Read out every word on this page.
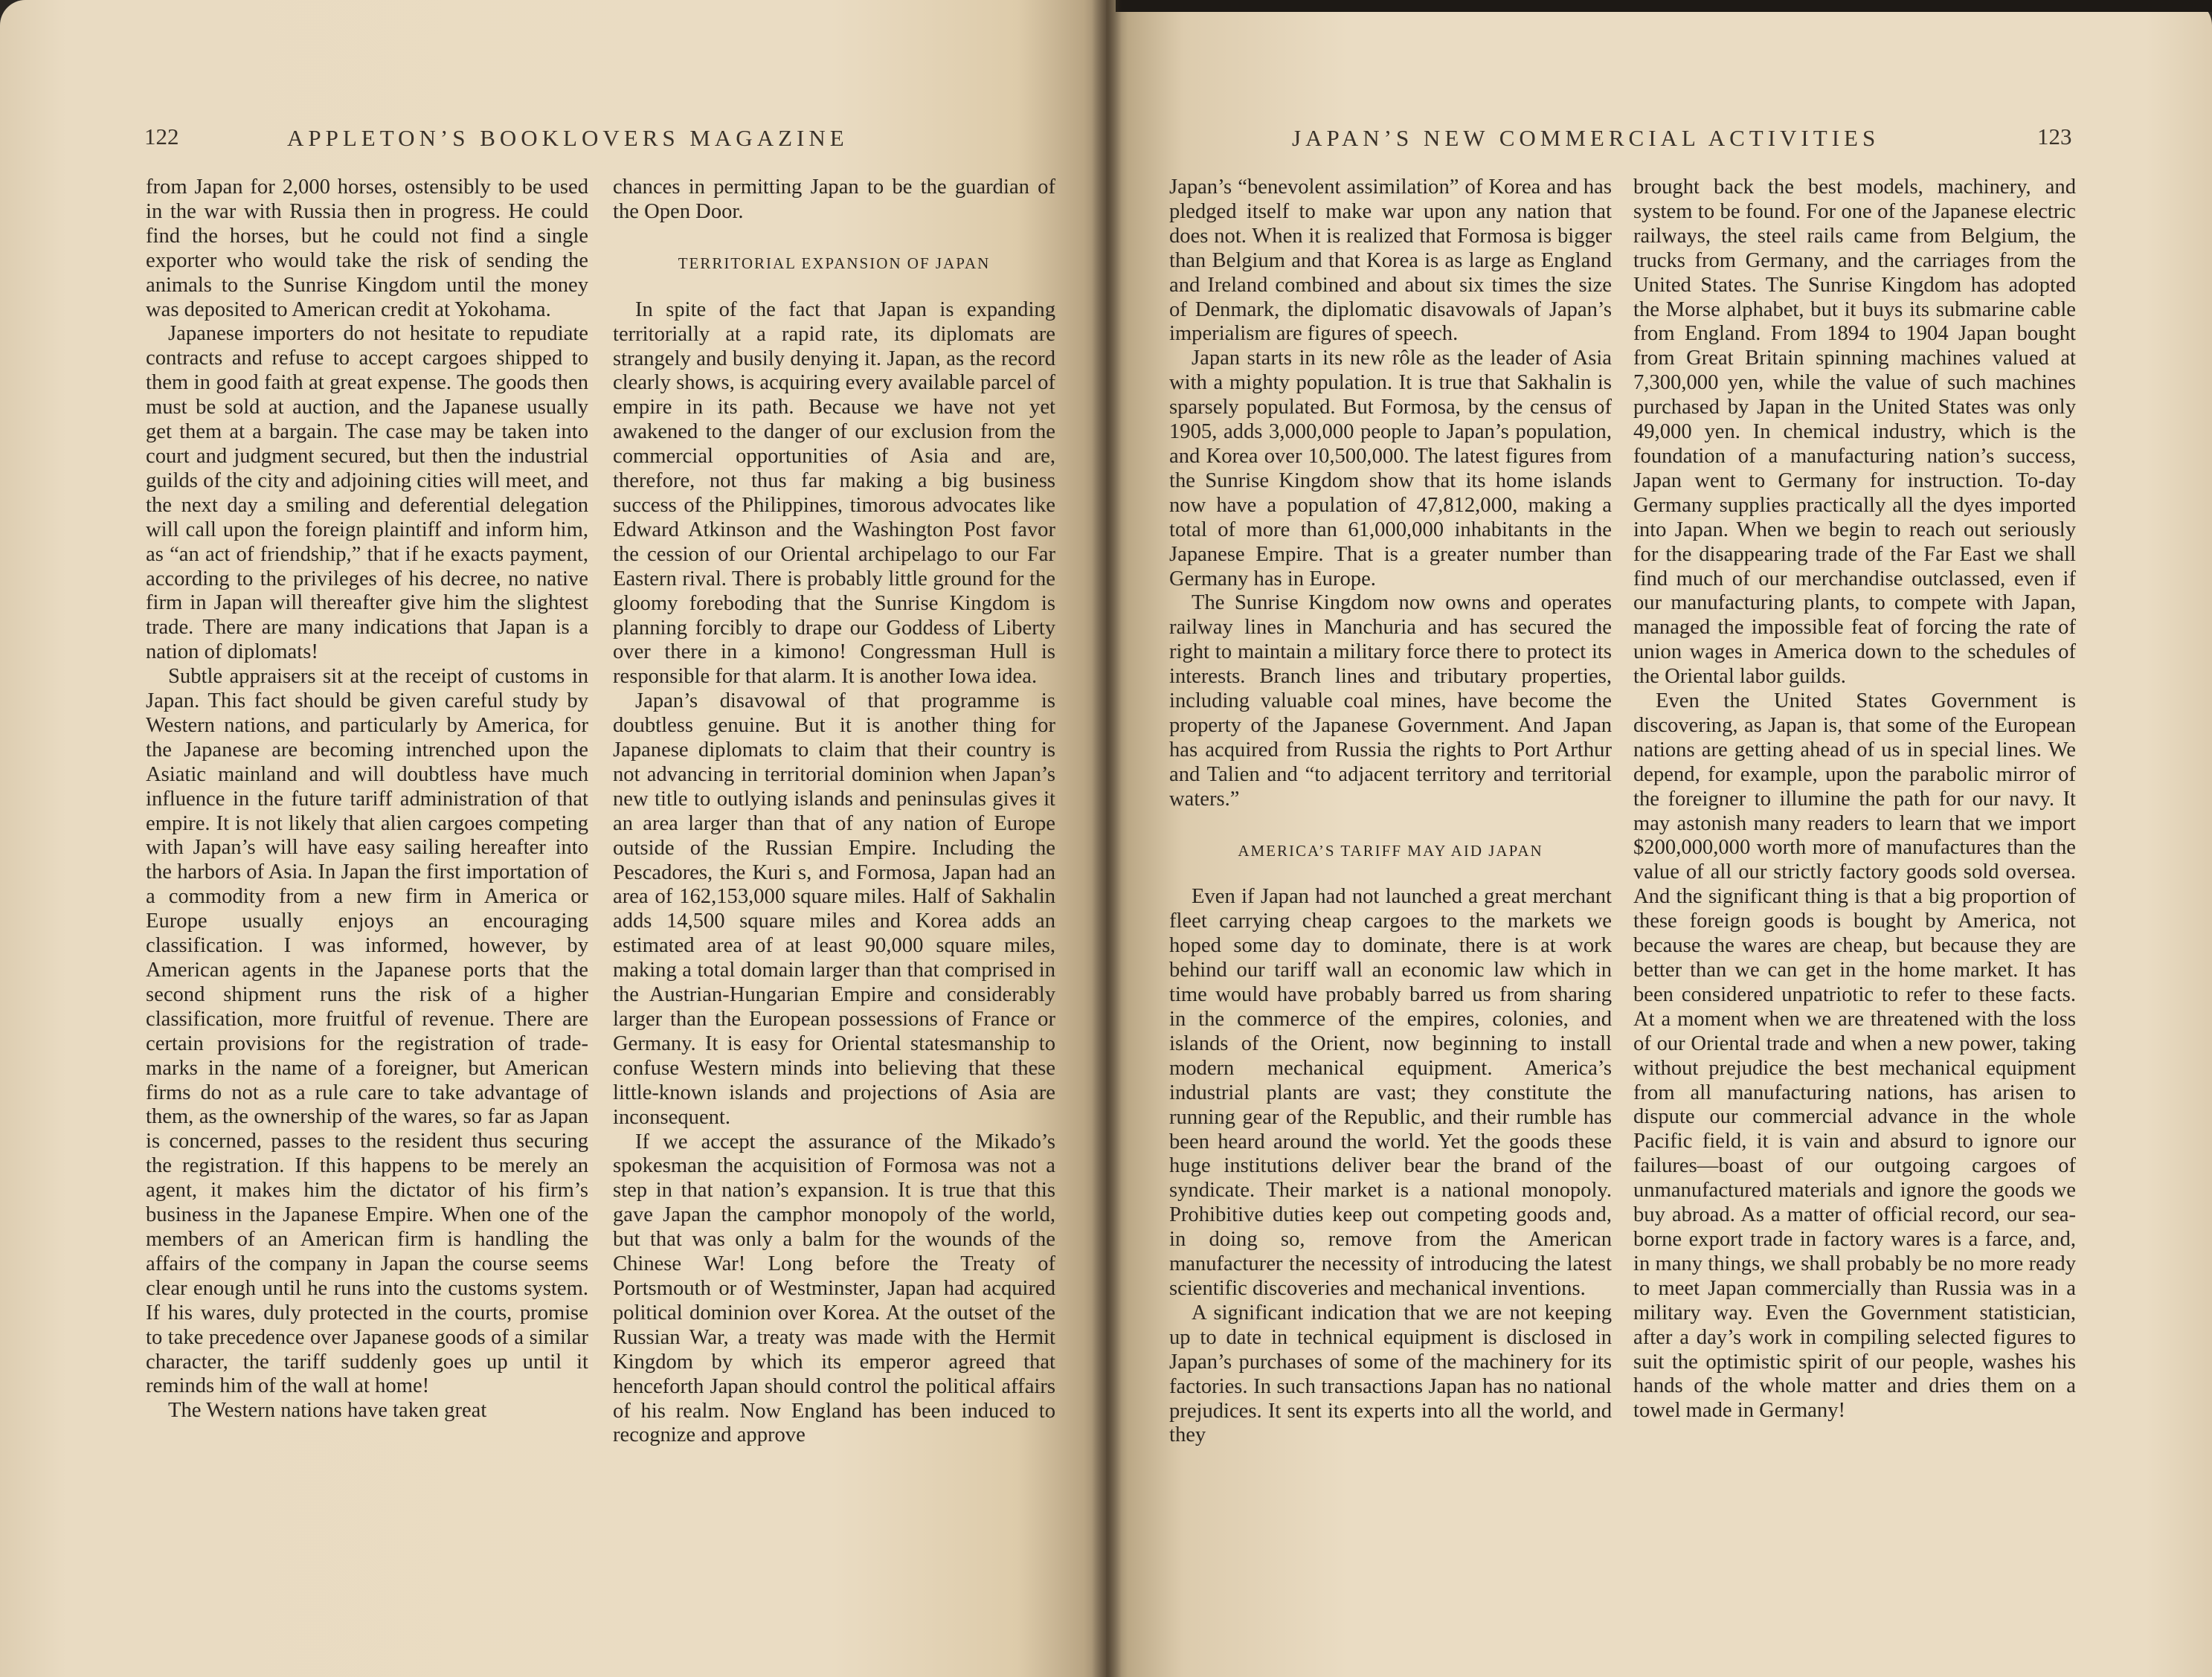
122	APPLETON’S BOOKLOVERS MAGAZINE

from Japan for 2,000 horses, ostensibly to be used in the war with Russia then in progress. He could find the horses, but he could not find a single exporter who would take the risk of sending the animals to the Sunrise Kingdom until the money was deposited to American credit at Yokohama.

Japanese importers do not hesitate to repudiate contracts and refuse to accept cargoes shipped to them in good faith at great expense. The goods then must be sold at auction, and the Japanese usually get them at a bargain. The case may be taken into court and judgment secured, but then the industrial guilds of the city and adjoining cities will meet, and the next day a smiling and deferential delegation will call upon the foreign plaintiff and inform him, as “an act of friendship,” that if he exacts payment, according to the privileges of his decree, no native firm in Japan will thereafter give him the slightest trade. There are many indications that Japan is a nation of diplomats!

Subtle appraisers sit at the receipt of customs in Japan. This fact should be given careful study by Western nations, and particularly by America, for the Japanese are becoming intrenched upon the Asiatic mainland and will doubtless have much influence in the future tariff administration of that empire. It is not likely that alien cargoes competing with Japan’s will have easy sailing hereafter into the harbors of Asia. In Japan the first importation of a commodity from a new firm in America or Europe usually enjoys an encouraging classification. I was informed, however, by American agents in the Japanese ports that the second shipment runs the risk of a higher classification, more fruitful of revenue. There are certain provisions for the registration of trade-marks in the name of a foreigner, but American firms do not as a rule care to take advantage of them, as the ownership of the wares, so far as Japan is concerned, passes to the resident thus securing the registration. If this happens to be merely an agent, it makes him the dictator of his firm’s business in the Japanese Empire. When one of the members of an American firm is handling the affairs of the company in Japan the course seems clear enough until he runs into the customs system. If his wares, duly protected in the courts, promise to take precedence over Japanese goods of a similar character, the tariff suddenly goes up until it reminds him of the wall at home!

The Western nations have taken great

chances in permitting Japan to be the guardian of the Open Door.

TERRITORIAL EXPANSION OF JAPAN

In spite of the fact that Japan is expanding territorially at a rapid rate, its diplomats are strangely and busily denying it. Japan, as the record clearly shows, is acquiring every available parcel of empire in its path. Because we have not yet awakened to the danger of our exclusion from the commercial opportunities of Asia and are, therefore, not thus far making a big business success of the Philippines, timorous advocates like Edward Atkinson and the Washington Post favor the cession of our Oriental archipelago to our Far Eastern rival. There is probably little ground for the gloomy foreboding that the Sunrise Kingdom is planning forcibly to drape our Goddess of Liberty over there in a kimono! Congressman Hull is responsible for that alarm. It is another Iowa idea.

Japan’s disavowal of that programme is doubtless genuine. But it is another thing for Japanese diplomats to claim that their country is not advancing in territorial dominion when Japan’s new title to outlying islands and peninsulas gives it an area larger than that of any nation of Europe outside of the Russian Empire. Including the Pescadores, the Kuri s, and Formosa, Japan had an area of 162,153,000 square miles. Half of Sakhalin adds 14,500 square miles and Korea adds an estimated area of at least 90,000 square miles, making a total domain larger than that comprised in the Austrian-Hungarian Empire and considerably larger than the European possessions of France or Germany. It is easy for Oriental statesmanship to confuse Western minds into believing that these little-known islands and projections of Asia are inconsequent.

If we accept the assurance of the Mikado’s spokesman the acquisition of Formosa was not a step in that nation’s expansion. It is true that this gave Japan the camphor monopoly of the world, but that was only a balm for the wounds of the Chinese War! Long before the Treaty of Portsmouth or of Westminster, Japan had acquired political dominion over Korea. At the outset of the Russian War, a treaty was made with the Hermit Kingdom by which its emperor agreed that henceforth Japan should control the political affairs of his realm. Now England has been induced to recognize and approve

JAPAN’S NEW COMMERCIAL ACTIVITIES	123

Japan’s “benevolent assimilation” of Korea and has pledged itself to make war upon any nation that does not. When it is realized that Formosa is bigger than Belgium and that Korea is as large as England and Ireland combined and about six times the size of Denmark, the diplomatic disavowals of Japan’s imperialism are figures of speech.

Japan starts in its new rôle as the leader of Asia with a mighty population. It is true that Sakhalin is sparsely populated. But Formosa, by the census of 1905, adds 3,000,000 people to Japan’s population, and Korea over 10,500,000. The latest figures from the Sunrise Kingdom show that its home islands now have a population of 47,812,000, making a total of more than 61,000,000 inhabitants in the Japanese Empire. That is a greater number than Germany has in Europe.

The Sunrise Kingdom now owns and operates railway lines in Manchuria and has secured the right to maintain a military force there to protect its interests. Branch lines and tributary properties, including valuable coal mines, have become the property of the Japanese Government. And Japan has acquired from Russia the rights to Port Arthur and Talien and “to adjacent territory and territorial waters.”

AMERICA’S TARIFF MAY AID JAPAN

Even if Japan had not launched a great merchant fleet carrying cheap cargoes to the markets we hoped some day to dominate, there is at work behind our tariff wall an economic law which in time would have probably barred us from sharing in the commerce of the empires, colonies, and islands of the Orient, now beginning to install modern mechanical equipment. America’s industrial plants are vast; they constitute the running gear of the Republic, and their rumble has been heard around the world. Yet the goods these huge institutions deliver bear the brand of the syndicate. Their market is a national monopoly. Prohibitive duties keep out competing goods and, in doing so, remove from the American manufacturer the necessity of introducing the latest scientific discoveries and mechanical inventions.

A significant indication that we are not keeping up to date in technical equipment is disclosed in Japan’s purchases of some of the machinery for its factories. In such transactions Japan has no national prejudices. It sent its experts into all the world, and they

brought back the best models, machinery, and system to be found. For one of the Japanese electric railways, the steel rails came from Belgium, the trucks from Germany, and the carriages from the United States. The Sunrise Kingdom has adopted the Morse alphabet, but it buys its submarine cable from England. From 1894 to 1904 Japan bought from Great Britain spinning machines valued at 7,300,000 yen, while the value of such machines purchased by Japan in the United States was only 49,000 yen. In chemical industry, which is the foundation of a manufacturing nation’s success, Japan went to Germany for instruction. To-day Germany supplies practically all the dyes imported into Japan. When we begin to reach out seriously for the disappearing trade of the Far East we shall find much of our merchandise outclassed, even if our manufacturing plants, to compete with Japan, managed the impossible feat of forcing the rate of union wages in America down to the schedules of the Oriental labor guilds.

Even the United States Government is discovering, as Japan is, that some of the European nations are getting ahead of us in special lines. We depend, for example, upon the parabolic mirror of the foreigner to illumine the path for our navy. It may astonish many readers to learn that we import $200,000,000 worth more of manufactures than the value of all our strictly factory goods sold oversea. And the significant thing is that a big proportion of these foreign goods is bought by America, not because the wares are cheap, but because they are better than we can get in the home market. It has been considered unpatriotic to refer to these facts. At a moment when we are threatened with the loss of our Oriental trade and when a new power, taking without prejudice the best mechanical equipment from all manufacturing nations, has arisen to dispute our commercial advance in the whole Pacific field, it is vain and absurd to ignore our failures—boast of our outgoing cargoes of unmanufactured materials and ignore the goods we buy abroad. As a matter of official record, our sea-borne export trade in factory wares is a farce, and, in many things, we shall probably be no more ready to meet Japan commercially than Russia was in a military way. Even the Government statistician, after a day’s work in compiling selected figures to suit the optimistic spirit of our people, washes his hands of the whole matter and dries them on a towel made in Germany!
